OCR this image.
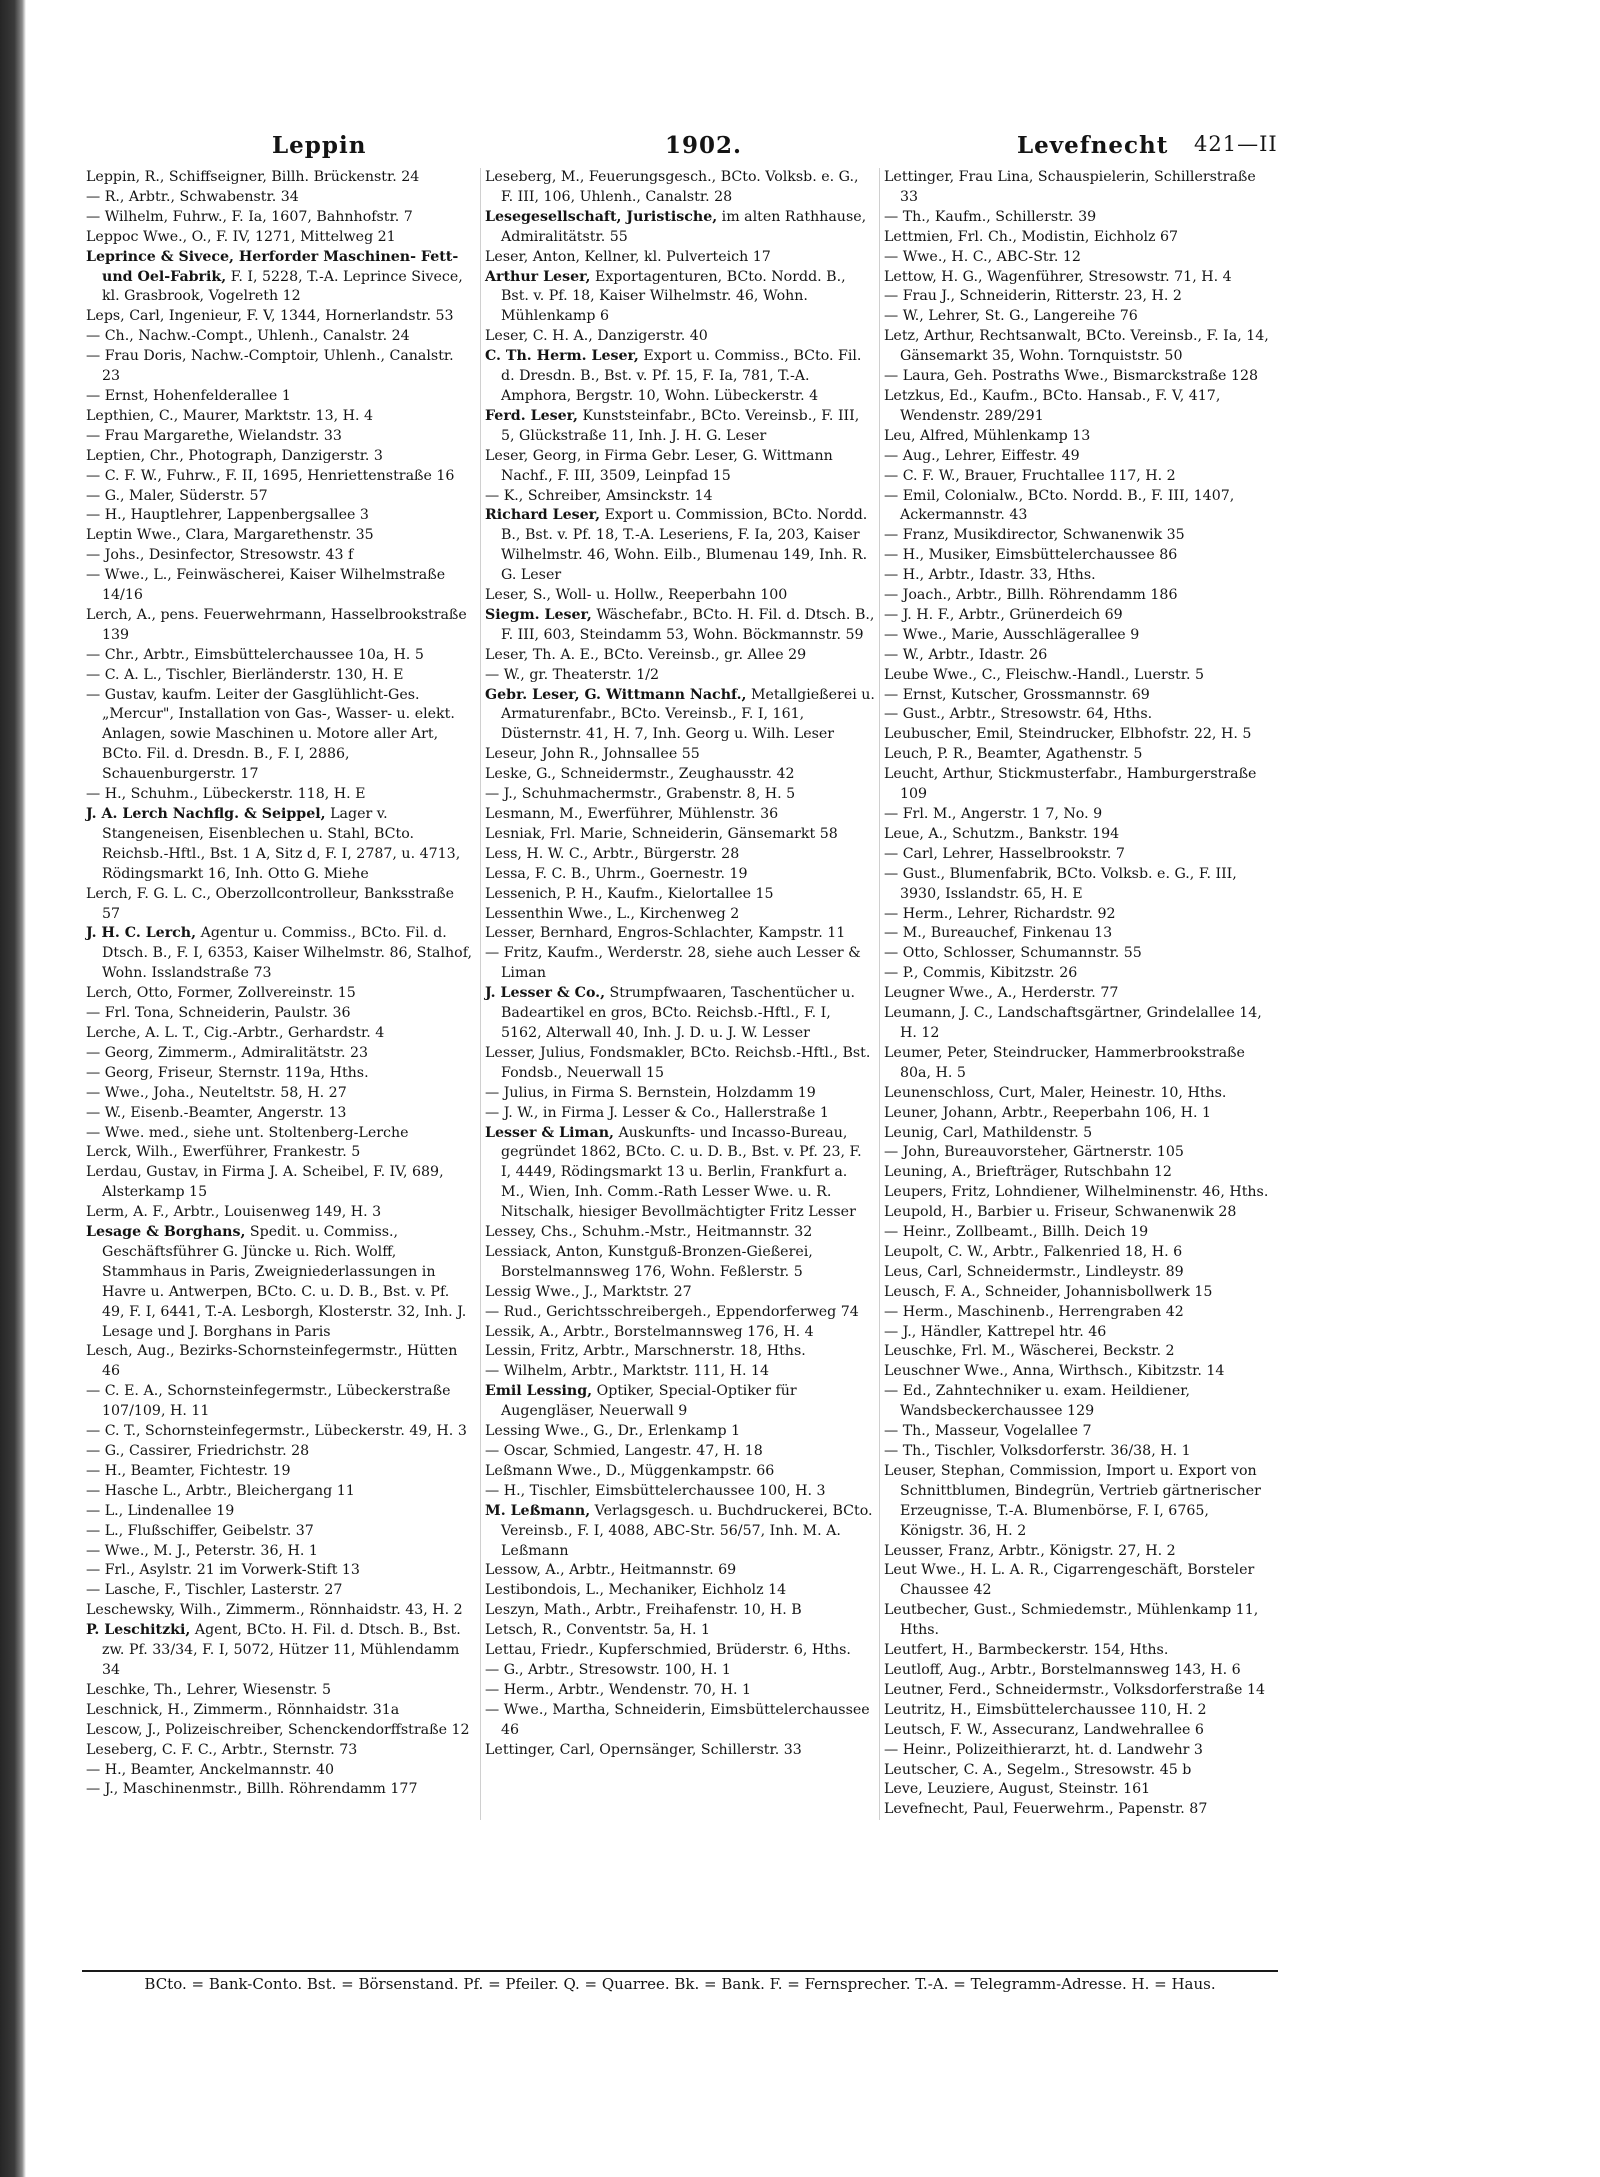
Leppin	1902.	Levefnecht 421—II

Leppin, R., Schiffseigner, Billh. Brückenstr. 24

— R., Arbtr., Schwabenstr. 34

— Wilhelm, Fuhrw., F. Ia, 1607, Bahnhofstr. 7

Leppoc Wwe., O., F. IV, 1271, Mittelweg 21

Leprince & Sivece, Herforder Maschinen- Fett- und Oel-Fabrik, F. I, 5228, T.-A. Leprince Sivece, kl. Grasbrook, Vogelreth 12

Leps, Carl, Ingenieur, F. V, 1344, Hornerlandstr. 53

— Ch., Nachw.-Compt., Uhlenh., Canalstr. 24

— Frau Doris, Nachw.-Comptoir, Uhlenh., Canalstr. 23

— Ernst, Hohenfelderallee 1

Lepthien, C., Maurer, Marktstr. 13, H. 4

— Frau Margarethe, Wielandstr. 33

Leptien, Chr., Photograph, Danzigerstr. 3

— C. F. W., Fuhrw., F. II, 1695, Henriettenstraße 16

— G., Maler, Süderstr. 57

— H., Hauptlehrer, Lappenbergsallee 3

Leptin Wwe., Clara, Margarethenstr. 35

— Johs., Desinfector, Stresowstr. 43 f

— Wwe., L., Feinwäscherei, Kaiser Wilhelmstraße 14/16

Lerch, A., pens. Feuerwehrmann, Hasselbrookstraße 139

— Chr., Arbtr., Eimsbüttelerchaussee 10a, H. 5

— C. A. L., Tischler, Bierländerstr. 130, H. E

— Gustav, kaufm. Leiter der Gasglühlicht-Ges. „Mercur", Installation von Gas-, Wasser- u. elekt. Anlagen, sowie Maschinen u. Motore aller Art, BCto. Fil. d. Dresdn. B., F. I, 2886, Schauenburgerstr. 17

— H., Schuhm., Lübeckerstr. 118, H. E

J. A. Lerch Nachflg. & Seippel, Lager v. Stangeneisen, Eisenblechen u. Stahl, BCto. Reichsb.-Hftl., Bst. 1 A, Sitz d, F. I, 2787, u. 4713, Rödingsmarkt 16, Inh. Otto G. Miehe

Lerch, F. G. L. C., Oberzollcontrolleur, Banksstraße 57

J. H. C. Lerch, Agentur u. Commiss., BCto. Fil. d. Dtsch. B., F. I, 6353, Kaiser Wilhelmstr. 86, Stalhof, Wohn. Isslandstraße 73

Lerch, Otto, Former, Zollvereinstr. 15

— Frl. Tona, Schneiderin, Paulstr. 36

Lerche, A. L. T., Cig.-Arbtr., Gerhardstr. 4

— Georg, Zimmerm., Admiralitätstr. 23

— Georg, Friseur, Sternstr. 119a, Hths.

— Wwe., Joha., Neuteltstr. 58, H. 27

— W., Eisenb.-Beamter, Angerstr. 13

— Wwe. med., siehe unt. Stoltenberg-Lerche

Lerck, Wilh., Ewerführer, Frankestr. 5

Lerdau, Gustav, in Firma J. A. Scheibel, F. IV, 689, Alsterkamp 15

Lerm, A. F., Arbtr., Louisenweg 149, H. 3

Lesage & Borghans, Spedit. u. Commiss., Geschäftsführer G. Jüncke u. Rich. Wolff, Stammhaus in Paris, Zweigniederlassungen in Havre u. Antwerpen, BCto. C. u. D. B., Bst. v. Pf. 49, F. I, 6441, T.-A. Lesborgh, Klosterstr. 32, Inh. J. Lesage und J. Borghans in Paris

Lesch, Aug., Bezirks-Schornsteinfegermstr., Hütten 46

— C. E. A., Schornsteinfegermstr., Lübeckerstraße 107/109, H. 11

— C. T., Schornsteinfegermstr., Lübeckerstr. 49, H. 3

— G., Cassirer, Friedrichstr. 28

— H., Beamter, Fichtestr. 19

— Hasche L., Arbtr., Bleichergang 11

— L., Lindenallee 19

— L., Flußschiffer, Geibelstr. 37

— Wwe., M. J., Peterstr. 36, H. 1

— Frl., Asylstr. 21 im Vorwerk-Stift 13

— Lasche, F., Tischler, Lasterstr. 27

Leschewsky, Wilh., Zimmerm., Rönnhaidstr. 43, H. 2

P. Leschitzki, Agent, BCto. H. Fil. d. Dtsch. B., Bst. zw. Pf. 33/34, F. I, 5072, Hützer 11, Mühlendamm 34

Leschke, Th., Lehrer, Wiesenstr. 5

Leschnick, H., Zimmerm., Rönnhaidstr. 31a

Lescow, J., Polizeischreiber, Schenckendorffstraße 12

Leseberg, C. F. C., Arbtr., Sternstr. 73

— H., Beamter, Anckelmannstr. 40

— J., Maschinenmstr., Billh. Röhrendamm 177

Leseberg, M., Feuerungsgesch., BCto. Volksb. e. G., F. III, 106, Uhlenh., Canalstr. 28

Lesegesellschaft, Juristische, im alten Rathhause, Admiralitätstr. 55

Leser, Anton, Kellner, kl. Pulverteich 17

Arthur Leser, Exportagenturen, BCto. Nordd. B., Bst. v. Pf. 18, Kaiser Wilhelmstr. 46, Wohn. Mühlenkamp 6

Leser, C. H. A., Danzigerstr. 40

C. Th. Herm. Leser, Export u. Commiss., BCto. Fil. d. Dresdn. B., Bst. v. Pf. 15, F. Ia, 781, T.-A. Amphora, Bergstr. 10, Wohn. Lübeckerstr. 4

Ferd. Leser, Kunststeinfabr., BCto. Vereinsb., F. III, 5, Glückstraße 11, Inh. J. H. G. Leser

Leser, Georg, in Firma Gebr. Leser, G. Wittmann Nachf., F. III, 3509, Leinpfad 15

— K., Schreiber, Amsinckstr. 14

Richard Leser, Export u. Commission, BCto. Nordd. B., Bst. v. Pf. 18, T.-A. Leseriens, F. Ia, 203, Kaiser Wilhelmstr. 46, Wohn. Eilb., Blumenau 149, Inh. R. G. Leser

Leser, S., Woll- u. Hollw., Reeperbahn 100

Siegm. Leser, Wäschefabr., BCto. H. Fil. d. Dtsch. B., F. III, 603, Steindamm 53, Wohn. Böckmannstr. 59

Leser, Th. A. E., BCto. Vereinsb., gr. Allee 29

— W., gr. Theaterstr. 1/2

Gebr. Leser, G. Wittmann Nachf., Metallgießerei u. Armaturenfabr., BCto. Vereinsb., F. I, 161, Düsternstr. 41, H. 7, Inh. Georg u. Wilh. Leser

Leseur, John R., Johnsallee 55

Leske, G., Schneidermstr., Zeughausstr. 42

— J., Schuhmachermstr., Grabenstr. 8, H. 5

Lesmann, M., Ewerführer, Mühlenstr. 36

Lesniak, Frl. Marie, Schneiderin, Gänsemarkt 58

Less, H. W. C., Arbtr., Bürgerstr. 28

Lessa, F. C. B., Uhrm., Goernestr. 19

Lessenich, P. H., Kaufm., Kielortallee 15

Lessenthin Wwe., L., Kirchenweg 2

Lesser, Bernhard, Engros-Schlachter, Kampstr. 11

— Fritz, Kaufm., Werderstr. 28, siehe auch Lesser & Liman

J. Lesser & Co., Strumpfwaaren, Taschentücher u. Badeartikel en gros, BCto. Reichsb.-Hftl., F. I, 5162, Alterwall 40, Inh. J. D. u. J. W. Lesser

Lesser, Julius, Fondsmakler, BCto. Reichsb.-Hftl., Bst. Fondsb., Neuerwall 15

— Julius, in Firma S. Bernstein, Holzdamm 19

— J. W., in Firma J. Lesser & Co., Hallerstraße 1

Lesser & Liman, Auskunfts- und Incasso-Bureau, gegründet 1862, BCto. C. u. D. B., Bst. v. Pf. 23, F. I, 4449, Rödingsmarkt 13 u. Berlin, Frankfurt a. M., Wien, Inh. Comm.-Rath Lesser Wwe. u. R. Nitschalk, hiesiger Bevollmächtigter Fritz Lesser

Lessey, Chs., Schuhm.-Mstr., Heitmannstr. 32

Lessiack, Anton, Kunstguß-Bronzen-Gießerei, Borstelmannsweg 176, Wohn. Feßlerstr. 5

Lessig Wwe., J., Marktstr. 27

— Rud., Gerichtsschreibergeh., Eppendorferweg 74

Lessik, A., Arbtr., Borstelmannsweg 176, H. 4

Lessin, Fritz, Arbtr., Marschnerstr. 18, Hths.

— Wilhelm, Arbtr., Marktstr. 111, H. 14

Emil Lessing, Optiker, Special-Optiker für Augengläser, Neuerwall 9

Lessing Wwe., G., Dr., Erlenkamp 1

— Oscar, Schmied, Langestr. 47, H. 18

Leßmann Wwe., D., Müggenkampstr. 66

— H., Tischler, Eimsbüttelerchaussee 100, H. 3

M. Leßmann, Verlagsgesch. u. Buchdruckerei, BCto. Vereinsb., F. I, 4088, ABC-Str. 56/57, Inh. M. A. Leßmann

Lessow, A., Arbtr., Heitmannstr. 69

Lestibondois, L., Mechaniker, Eichholz 14

Leszyn, Math., Arbtr., Freihafenstr. 10, H. B

Letsch, R., Conventstr. 5a, H. 1

Lettau, Friedr., Kupferschmied, Brüderstr. 6, Hths.

— G., Arbtr., Stresowstr. 100, H. 1

— Herm., Arbtr., Wendenstr. 70, H. 1

— Wwe., Martha, Schneiderin, Eimsbüttelerchaussee 46

Lettinger, Carl, Opernsänger, Schillerstr. 33

Lettinger, Frau Lina, Schauspielerin, Schillerstraße 33

— Th., Kaufm., Schillerstr. 39

Lettmien, Frl. Ch., Modistin, Eichholz 67

— Wwe., H. C., ABC-Str. 12

Lettow, H. G., Wagenführer, Stresowstr. 71, H. 4

— Frau J., Schneiderin, Ritterstr. 23, H. 2

— W., Lehrer, St. G., Langereihe 76

Letz, Arthur, Rechtsanwalt, BCto. Vereinsb., F. Ia, 14, Gänsemarkt 35, Wohn. Tornquiststr. 50

— Laura, Geh. Postraths Wwe., Bismarckstraße 128

Letzkus, Ed., Kaufm., BCto. Hansab., F. V, 417, Wendenstr. 289/291

Leu, Alfred, Mühlenkamp 13

— Aug., Lehrer, Eiffestr. 49

— C. F. W., Brauer, Fruchtallee 117, H. 2

— Emil, Colonialw., BCto. Nordd. B., F. III, 1407, Ackermannstr. 43

— Franz, Musikdirector, Schwanenwik 35

— H., Musiker, Eimsbüttelerchaussee 86

— H., Arbtr., Idastr. 33, Hths.

— Joach., Arbtr., Billh. Röhrendamm 186

— J. H. F., Arbtr., Grünerdeich 69

— Wwe., Marie, Ausschlägerallee 9

— W., Arbtr., Idastr. 26

Leube Wwe., C., Fleischw.-Handl., Luerstr. 5

— Ernst, Kutscher, Grossmannstr. 69

— Gust., Arbtr., Stresowstr. 64, Hths.

Leubuscher, Emil, Steindrucker, Elbhofstr. 22, H. 5

Leuch, P. R., Beamter, Agathenstr. 5

Leucht, Arthur, Stickmusterfabr., Hamburgerstraße 109

— Frl. M., Angerstr. 1 7, No. 9

Leue, A., Schutzm., Bankstr. 194

— Carl, Lehrer, Hasselbrookstr. 7

— Gust., Blumenfabrik, BCto. Volksb. e. G., F. III, 3930, Isslandstr. 65, H. E

— Herm., Lehrer, Richardstr. 92

— M., Bureauchef, Finkenau 13

— Otto, Schlosser, Schumannstr. 55

— P., Commis, Kibitzstr. 26

Leugner Wwe., A., Herderstr. 77

Leumann, J. C., Landschaftsgärtner, Grindelallee 14, H. 12

Leumer, Peter, Steindrucker, Hammerbrookstraße 80a, H. 5

Leunenschloss, Curt, Maler, Heinestr. 10, Hths.

Leuner, Johann, Arbtr., Reeperbahn 106, H. 1

Leunig, Carl, Mathildenstr. 5

— John, Bureauvorsteher, Gärtnerstr. 105

Leuning, A., Briefträger, Rutschbahn 12

Leupers, Fritz, Lohndiener, Wilhelminenstr. 46, Hths.

Leupold, H., Barbier u. Friseur, Schwanenwik 28

— Heinr., Zollbeamt., Billh. Deich 19

Leupolt, C. W., Arbtr., Falkenried 18, H. 6

Leus, Carl, Schneidermstr., Lindleystr. 89

Leusch, F. A., Schneider, Johannisbollwerk 15

— Herm., Maschinenb., Herrengraben 42

— J., Händler, Kattrepel htr. 46

Leuschke, Frl. M., Wäscherei, Beckstr. 2

Leuschner Wwe., Anna, Wirthsch., Kibitzstr. 14

— Ed., Zahntechniker u. exam. Heildiener, Wandsbeckerchaussee 129

— Th., Masseur, Vogelallee 7

— Th., Tischler, Volksdorferstr. 36/38, H. 1

Leuser, Stephan, Commission, Import u. Export von Schnittblumen, Bindegrün, Vertrieb gärtnerischer Erzeugnisse, T.-A. Blumenbörse, F. I, 6765, Königstr. 36, H. 2

Leusser, Franz, Arbtr., Königstr. 27, H. 2

Leut Wwe., H. L. A. R., Cigarrengeschäft, Borsteler Chaussee 42

Leutbecher, Gust., Schmiedemstr., Mühlenkamp 11, Hths.

Leutfert, H., Barmbeckerstr. 154, Hths.

Leutloff, Aug., Arbtr., Borstelmannsweg 143, H. 6

Leutner, Ferd., Schneidermstr., Volksdorferstraße 14

Leutritz, H., Eimsbüttelerchaussee 110, H. 2

Leutsch, F. W., Assecuranz, Landwehrallee 6

— Heinr., Polizeithierarzt, ht. d. Landwehr 3

Leutscher, C. A., Segelm., Stresowstr. 45 b

Leve, Leuziere, August, Steinstr. 161

Levefnecht, Paul, Feuerwehrm., Papenstr. 87

BCto. = Bank-Conto. Bst. = Börsenstand. Pf. = Pfeiler. Q. = Quarree. Bk. = Bank. F. = Fernsprecher. T.-A. = Telegramm-Adresse. H. = Haus.
